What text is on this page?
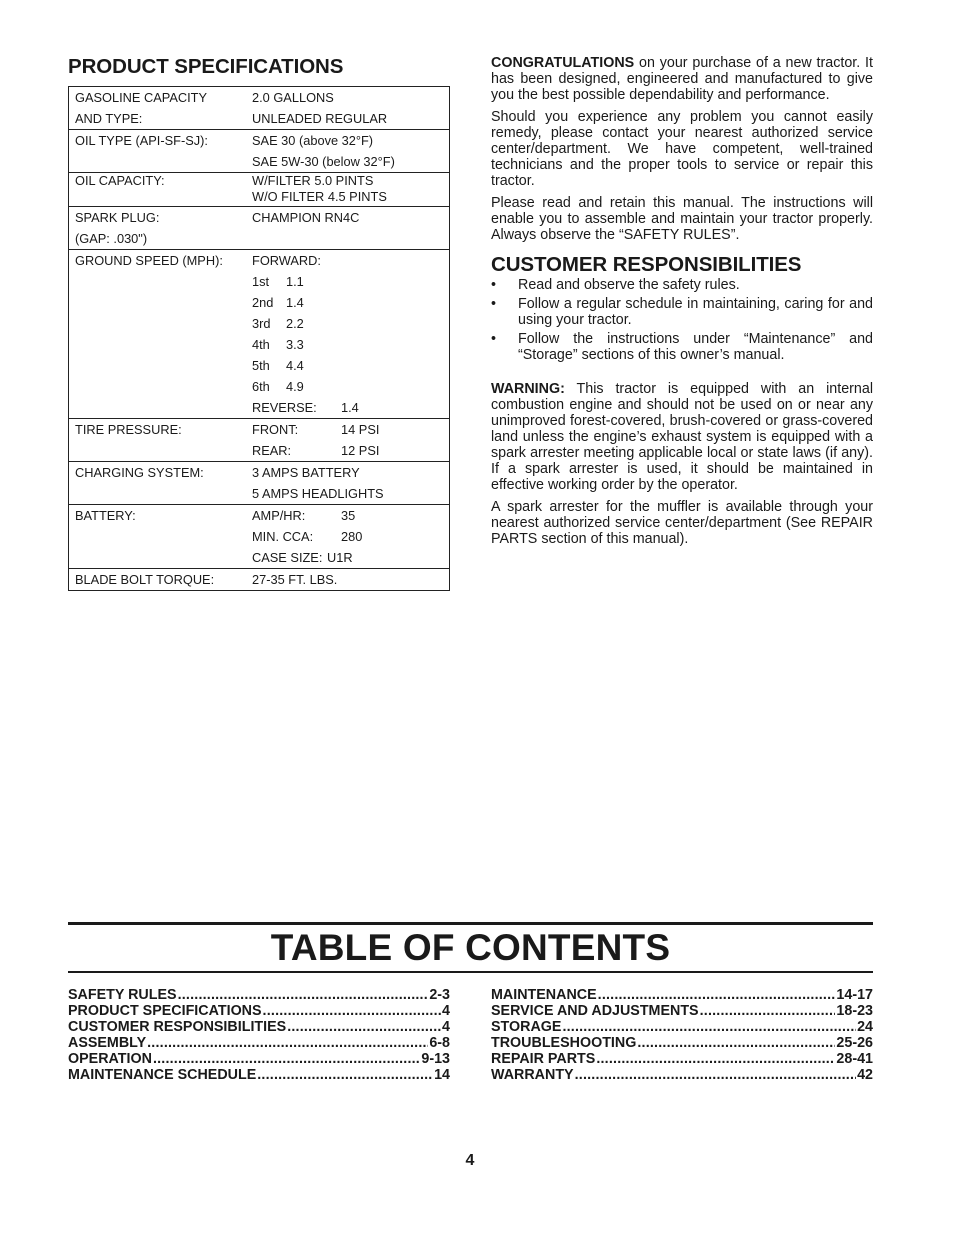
PRODUCT SPECIFICATIONS
GASOLINE CAPACITY	2.0 GALLONS
AND TYPE:	UNLEADED REGULAR
OIL TYPE (API-SF-SJ):	SAE 30 (above 32°F)
SAE 5W-30 (below 32°F)
OIL CAPACITY:	W/FILTER 5.0 PINTS
W/O FILTER 4.5 PINTS
SPARK PLUG:	CHAMPION RN4C
(GAP: .030")
GROUND SPEED (MPH):	FORWARD:
1st 1.1
2nd 1.4
3rd 2.2
4th 3.3
5th 4.4
6th 4.9
REVERSE: 1.4
TIRE PRESSURE:	FRONT:	14 PSI
REAR:	12 PSI
CHARGING SYSTEM:	3 AMPS BATTERY
5 AMPS HEADLIGHTS
BATTERY:	AMP/HR:	35
MIN. CCA: 280
CASE SIZE: U1R
BLADE BOLT TORQUE:	27-35 FT. LBS.

CONGRATULATIONS on your purchase of a new tractor. It has been designed, engineered and manufactured to give you the best possible dependability and performance.

Should you experience any problem you cannot easily remedy, please contact your nearest authorized service center/department. We have competent, well-trained technicians and the proper tools to service or repair this tractor.

Please read and retain this manual. The instructions will enable you to assemble and maintain your tractor properly. Always observe the “SAFETY RULES”.

CUSTOMER RESPONSIBILITIES
• Read and observe the safety rules.
• Follow a regular schedule in maintaining, caring for and using your tractor.
• Follow the instructions under “Maintenance” and “Storage” sections of this owner’s manual.

WARNING: This tractor is equipped with an internal combustion engine and should not be used on or near any unimproved forest-covered, brush-covered or grass-covered land unless the engine’s exhaust system is equipped with a spark arrester meeting applicable local or state laws (if any). If a spark arrester is used, it should be maintained in effective working order by the operator.

A spark arrester for the muffler is available through your nearest authorized service center/department (See REPAIR PARTS section of this manual).

TABLE OF CONTENTS
SAFETY RULES .....	2-3
PRODUCT SPECIFICATIONS .....	4
CUSTOMER RESPONSIBILITIES .....	4
ASSEMBLY .....	6-8
OPERATION .....	9-13
MAINTENANCE SCHEDULE .....	14
MAINTENANCE .....	14-17
SERVICE AND ADJUSTMENTS .....	18-23
STORAGE .....	24
TROUBLESHOOTING .....	25-26
REPAIR PARTS .....	28-41
WARRANTY .....	42
4
